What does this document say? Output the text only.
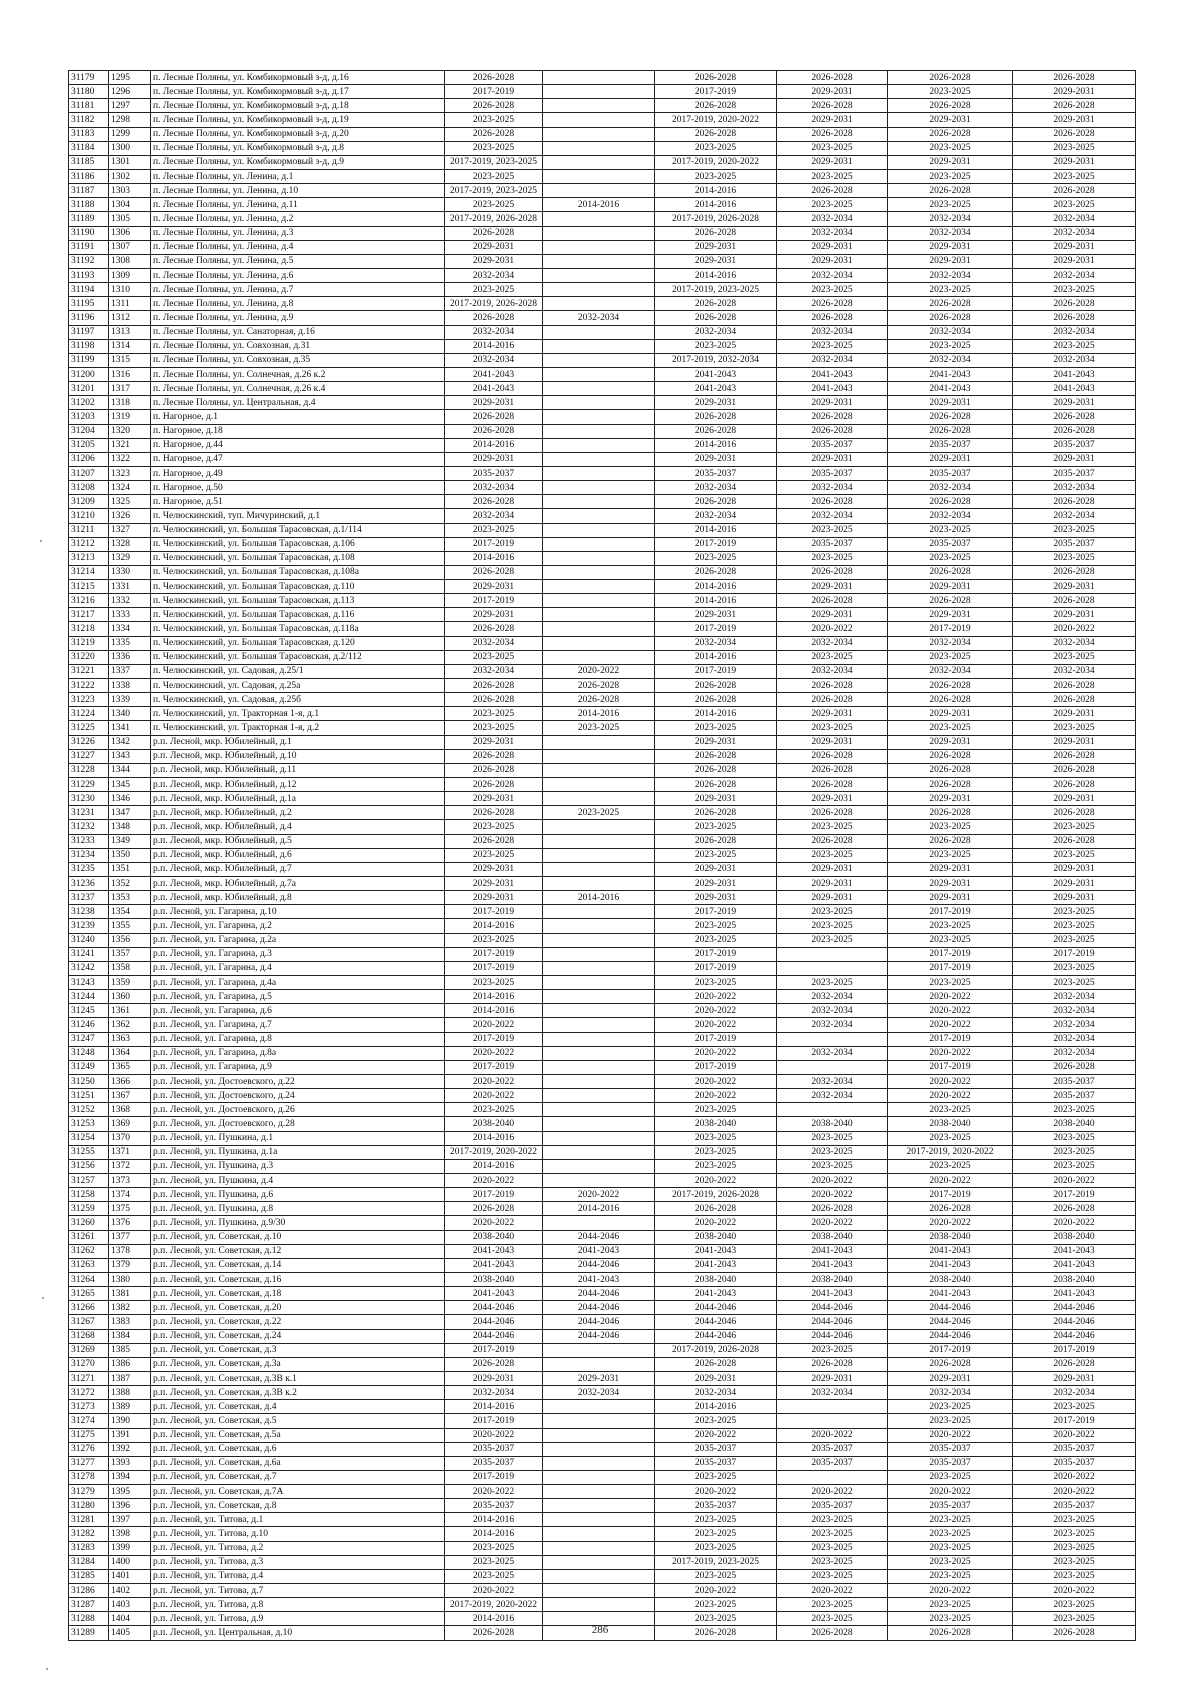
31179	1295	п. Лесные Поляны, ул. Комбикормовый з-д, д.16	2026-2028		2026-2028	2026-2028	2026-2028	2026-2028
31180	1296	п. Лесные Поляны, ул. Комбикормовый з-д, д.17	2017-2019		2017-2019	2029-2031	2023-2025	2029-2031
31181	1297	п. Лесные Поляны, ул. Комбикормовый з-д, д.18	2026-2028		2026-2028	2026-2028	2026-2028	2026-2028
31182	1298	п. Лесные Поляны, ул. Комбикормовый з-д, д.19	2023-2025		2017-2019, 2020-2022	2029-2031	2029-2031	2029-2031
31183	1299	п. Лесные Поляны, ул. Комбикормовый з-д, д.20	2026-2028		2026-2028	2026-2028	2026-2028	2026-2028
31184	1300	п. Лесные Поляны, ул. Комбикормовый з-д, д.8	2023-2025		2023-2025	2023-2025	2023-2025	2023-2025
31185	1301	п. Лесные Поляны, ул. Комбикормовый з-д, д.9	2017-2019, 2023-2025		2017-2019, 2020-2022	2029-2031	2029-2031	2029-2031
31186	1302	п. Лесные Поляны, ул. Ленина, д.1	2023-2025		2023-2025	2023-2025	2023-2025	2023-2025
31187	1303	п. Лесные Поляны, ул. Ленина, д.10	2017-2019, 2023-2025		2014-2016	2026-2028	2026-2028	2026-2028
31188	1304	п. Лесные Поляны, ул. Ленина, д.11	2023-2025	2014-2016	2014-2016	2023-2025	2023-2025	2023-2025
31189	1305	п. Лесные Поляны, ул. Ленина, д.2	2017-2019, 2026-2028		2017-2019, 2026-2028	2032-2034	2032-2034	2032-2034
31190	1306	п. Лесные Поляны, ул. Ленина, д.3	2026-2028		2026-2028	2032-2034	2032-2034	2032-2034
31191	1307	п. Лесные Поляны, ул. Ленина, д.4	2029-2031		2029-2031	2029-2031	2029-2031	2029-2031
31192	1308	п. Лесные Поляны, ул. Ленина, д.5	2029-2031		2029-2031	2029-2031	2029-2031	2029-2031
31193	1309	п. Лесные Поляны, ул. Ленина, д.6	2032-2034		2014-2016	2032-2034	2032-2034	2032-2034
31194	1310	п. Лесные Поляны, ул. Ленина, д.7	2023-2025		2017-2019, 2023-2025	2023-2025	2023-2025	2023-2025
31195	1311	п. Лесные Поляны, ул. Ленина, д.8	2017-2019, 2026-2028		2026-2028	2026-2028	2026-2028	2026-2028
31196	1312	п. Лесные Поляны, ул. Ленина, д.9	2026-2028	2032-2034	2026-2028	2026-2028	2026-2028	2026-2028
31197	1313	п. Лесные Поляны, ул. Санаторная, д.16	2032-2034		2032-2034	2032-2034	2032-2034	2032-2034
31198	1314	п. Лесные Поляны, ул. Совхозная, д.31	2014-2016		2023-2025	2023-2025	2023-2025	2023-2025
31199	1315	п. Лесные Поляны, ул. Совхозная, д.35	2032-2034		2017-2019, 2032-2034	2032-2034	2032-2034	2032-2034
31200	1316	п. Лесные Поляны, ул. Солнечная, д.26 к.2	2041-2043		2041-2043	2041-2043	2041-2043	2041-2043
31201	1317	п. Лесные Поляны, ул. Солнечная, д.26 к.4	2041-2043		2041-2043	2041-2043	2041-2043	2041-2043
31202	1318	п. Лесные Поляны, ул. Центральная, д.4	2029-2031		2029-2031	2029-2031	2029-2031	2029-2031
31203	1319	п. Нагорное, д.1	2026-2028		2026-2028	2026-2028	2026-2028	2026-2028
31204	1320	п. Нагорное, д.18	2026-2028		2026-2028	2026-2028	2026-2028	2026-2028
31205	1321	п. Нагорное, д.44	2014-2016		2014-2016	2035-2037	2035-2037	2035-2037
31206	1322	п. Нагорное, д.47	2029-2031		2029-2031	2029-2031	2029-2031	2029-2031
31207	1323	п. Нагорное, д.49	2035-2037		2035-2037	2035-2037	2035-2037	2035-2037
31208	1324	п. Нагорное, д.50	2032-2034		2032-2034	2032-2034	2032-2034	2032-2034
31209	1325	п. Нагорное, д.51	2026-2028		2026-2028	2026-2028	2026-2028	2026-2028
31210	1326	п. Челюскинский, туп. Мичуринский, д.1	2032-2034		2032-2034	2032-2034	2032-2034	2032-2034
31211	1327	п. Челюскинский, ул. Большая Тарасовская, д.1/114	2023-2025		2014-2016	2023-2025	2023-2025	2023-2025
31212	1328	п. Челюскинский, ул. Большая Тарасовская, д.106	2017-2019		2017-2019	2035-2037	2035-2037	2035-2037
31213	1329	п. Челюскинский, ул. Большая Тарасовская, д.108	2014-2016		2023-2025	2023-2025	2023-2025	2023-2025
31214	1330	п. Челюскинский, ул. Большая Тарасовская, д.108а	2026-2028		2026-2028	2026-2028	2026-2028	2026-2028
31215	1331	п. Челюскинский, ул. Большая Тарасовская, д.110	2029-2031		2014-2016	2029-2031	2029-2031	2029-2031
31216	1332	п. Челюскинский, ул. Большая Тарасовская, д.113	2017-2019		2014-2016	2026-2028	2026-2028	2026-2028
31217	1333	п. Челюскинский, ул. Большая Тарасовская, д.116	2029-2031		2029-2031	2029-2031	2029-2031	2029-2031
31218	1334	п. Челюскинский, ул. Большая Тарасовская, д.118а	2026-2028		2017-2019	2020-2022	2017-2019	2020-2022
31219	1335	п. Челюскинский, ул. Большая Тарасовская, д.120	2032-2034		2032-2034	2032-2034	2032-2034	2032-2034
31220	1336	п. Челюскинский, ул. Большая Тарасовская, д.2/112	2023-2025		2014-2016	2023-2025	2023-2025	2023-2025
31221	1337	п. Челюскинский, ул. Садовая, д.25/1	2032-2034	2020-2022	2017-2019	2032-2034	2032-2034	2032-2034
31222	1338	п. Челюскинский, ул. Садовая, д.25а	2026-2028	2026-2028	2026-2028	2026-2028	2026-2028	2026-2028
31223	1339	п. Челюскинский, ул. Садовая, д.25б	2026-2028	2026-2028	2026-2028	2026-2028	2026-2028	2026-2028
31224	1340	п. Челюскинский, ул. Тракторная 1-я, д.1	2023-2025	2014-2016	2014-2016	2029-2031	2029-2031	2029-2031
31225	1341	п. Челюскинский, ул. Тракторная 1-я, д.2	2023-2025	2023-2025	2023-2025	2023-2025	2023-2025	2023-2025
31226	1342	р.п. Лесной, мкр. Юбилейный, д.1	2029-2031		2029-2031	2029-2031	2029-2031	2029-2031
31227	1343	р.п. Лесной, мкр. Юбилейный, д.10	2026-2028		2026-2028	2026-2028	2026-2028	2026-2028
31228	1344	р.п. Лесной, мкр. Юбилейный, д.11	2026-2028		2026-2028	2026-2028	2026-2028	2026-2028
31229	1345	р.п. Лесной, мкр. Юбилейный, д.12	2026-2028		2026-2028	2026-2028	2026-2028	2026-2028
31230	1346	р.п. Лесной, мкр. Юбилейный, д.1а	2029-2031		2029-2031	2029-2031	2029-2031	2029-2031
31231	1347	р.п. Лесной, мкр. Юбилейный, д.2	2026-2028	2023-2025	2026-2028	2026-2028	2026-2028	2026-2028
31232	1348	р.п. Лесной, мкр. Юбилейный, д.4	2023-2025		2023-2025	2023-2025	2023-2025	2023-2025
31233	1349	р.п. Лесной, мкр. Юбилейный, д.5	2026-2028		2026-2028	2026-2028	2026-2028	2026-2028
31234	1350	р.п. Лесной, мкр. Юбилейный, д.6	2023-2025		2023-2025	2023-2025	2023-2025	2023-2025
31235	1351	р.п. Лесной, мкр. Юбилейный, д.7	2029-2031		2029-2031	2029-2031	2029-2031	2029-2031
31236	1352	р.п. Лесной, мкр. Юбилейный, д.7а	2029-2031		2029-2031	2029-2031	2029-2031	2029-2031
31237	1353	р.п. Лесной, мкр. Юбилейный, д.8	2029-2031	2014-2016	2029-2031	2029-2031	2029-2031	2029-2031
31238	1354	р.п. Лесной, ул. Гагарина, д.10	2017-2019		2017-2019	2023-2025	2017-2019	2023-2025
31239	1355	р.п. Лесной, ул. Гагарина, д.2	2014-2016		2023-2025	2023-2025	2023-2025	2023-2025
31240	1356	р.п. Лесной, ул. Гагарина, д.2а	2023-2025		2023-2025	2023-2025	2023-2025	2023-2025
31241	1357	р.п. Лесной, ул. Гагарина, д.3	2017-2019		2017-2019		2017-2019	2017-2019
31242	1358	р.п. Лесной, ул. Гагарина, д.4	2017-2019		2017-2019		2017-2019	2023-2025
31243	1359	р.п. Лесной, ул. Гагарина, д.4а	2023-2025		2023-2025	2023-2025	2023-2025	2023-2025
31244	1360	р.п. Лесной, ул. Гагарина, д.5	2014-2016		2020-2022	2032-2034	2020-2022	2032-2034
31245	1361	р.п. Лесной, ул. Гагарина, д.6	2014-2016		2020-2022	2032-2034	2020-2022	2032-2034
31246	1362	р.п. Лесной, ул. Гагарина, д.7	2020-2022		2020-2022	2032-2034	2020-2022	2032-2034
31247	1363	р.п. Лесной, ул. Гагарина, д.8	2017-2019		2017-2019		2017-2019	2032-2034
31248	1364	р.п. Лесной, ул. Гагарина, д.8а	2020-2022		2020-2022	2032-2034	2020-2022	2032-2034
31249	1365	р.п. Лесной, ул. Гагарина, д.9	2017-2019		2017-2019		2017-2019	2026-2028
31250	1366	р.п. Лесной, ул. Достоевского, д.22	2020-2022		2020-2022	2032-2034	2020-2022	2035-2037
31251	1367	р.п. Лесной, ул. Достоевского, д.24	2020-2022		2020-2022	2032-2034	2020-2022	2035-2037
31252	1368	р.п. Лесной, ул. Достоевского, д.26	2023-2025		2023-2025		2023-2025	2023-2025
31253	1369	р.п. Лесной, ул. Достоевского, д.28	2038-2040		2038-2040	2038-2040	2038-2040	2038-2040
31254	1370	р.п. Лесной, ул. Пушкина, д.1	2014-2016		2023-2025	2023-2025	2023-2025	2023-2025
31255	1371	р.п. Лесной, ул. Пушкина, д.1а	2017-2019, 2020-2022		2023-2025	2023-2025	2017-2019, 2020-2022	2023-2025
31256	1372	р.п. Лесной, ул. Пушкина, д.3	2014-2016		2023-2025	2023-2025	2023-2025	2023-2025
31257	1373	р.п. Лесной, ул. Пушкина, д.4	2020-2022		2020-2022	2020-2022	2020-2022	2020-2022
31258	1374	р.п. Лесной, ул. Пушкина, д.6	2017-2019	2020-2022	2017-2019, 2026-2028	2020-2022	2017-2019	2017-2019
31259	1375	р.п. Лесной, ул. Пушкина, д.8	2026-2028	2014-2016	2026-2028	2026-2028	2026-2028	2026-2028
31260	1376	р.п. Лесной, ул. Пушкина, д.9/30	2020-2022		2020-2022	2020-2022	2020-2022	2020-2022
31261	1377	р.п. Лесной, ул. Советская, д.10	2038-2040	2044-2046	2038-2040	2038-2040	2038-2040	2038-2040
31262	1378	р.п. Лесной, ул. Советская, д.12	2041-2043	2041-2043	2041-2043	2041-2043	2041-2043	2041-2043
31263	1379	р.п. Лесной, ул. Советская, д.14	2041-2043	2044-2046	2041-2043	2041-2043	2041-2043	2041-2043
31264	1380	р.п. Лесной, ул. Советская, д.16	2038-2040	2041-2043	2038-2040	2038-2040	2038-2040	2038-2040
31265	1381	р.п. Лесной, ул. Советская, д.18	2041-2043	2044-2046	2041-2043	2041-2043	2041-2043	2041-2043
31266	1382	р.п. Лесной, ул. Советская, д.20	2044-2046	2044-2046	2044-2046	2044-2046	2044-2046	2044-2046
31267	1383	р.п. Лесной, ул. Советская, д.22	2044-2046	2044-2046	2044-2046	2044-2046	2044-2046	2044-2046
31268	1384	р.п. Лесной, ул. Советская, д.24	2044-2046	2044-2046	2044-2046	2044-2046	2044-2046	2044-2046
31269	1385	р.п. Лесной, ул. Советская, д.3	2017-2019		2017-2019, 2026-2028	2023-2025	2017-2019	2017-2019
31270	1386	р.п. Лесной, ул. Советская, д.3а	2026-2028		2026-2028	2026-2028	2026-2028	2026-2028
31271	1387	р.п. Лесной, ул. Советская, д.3В к.1	2029-2031	2029-2031	2029-2031	2029-2031	2029-2031	2029-2031
31272	1388	р.п. Лесной, ул. Советская, д.3В к.2	2032-2034	2032-2034	2032-2034	2032-2034	2032-2034	2032-2034
31273	1389	р.п. Лесной, ул. Советская, д.4	2014-2016		2014-2016		2023-2025	2023-2025
31274	1390	р.п. Лесной, ул. Советская, д.5	2017-2019		2023-2025		2023-2025	2017-2019
31275	1391	р.п. Лесной, ул. Советская, д.5а	2020-2022		2020-2022	2020-2022	2020-2022	2020-2022
31276	1392	р.п. Лесной, ул. Советская, д.6	2035-2037		2035-2037	2035-2037	2035-2037	2035-2037
31277	1393	р.п. Лесной, ул. Советская, д.6а	2035-2037		2035-2037	2035-2037	2035-2037	2035-2037
31278	1394	р.п. Лесной, ул. Советская, д.7	2017-2019		2023-2025		2023-2025	2020-2022
31279	1395	р.п. Лесной, ул. Советская, д.7А	2020-2022		2020-2022	2020-2022	2020-2022	2020-2022
31280	1396	р.п. Лесной, ул. Советская, д.8	2035-2037		2035-2037	2035-2037	2035-2037	2035-2037
31281	1397	р.п. Лесной, ул. Титова, д.1	2014-2016		2023-2025	2023-2025	2023-2025	2023-2025
31282	1398	р.п. Лесной, ул. Титова, д.10	2014-2016		2023-2025	2023-2025	2023-2025	2023-2025
31283	1399	р.п. Лесной, ул. Титова, д.2	2023-2025		2023-2025	2023-2025	2023-2025	2023-2025
31284	1400	р.п. Лесной, ул. Титова, д.3	2023-2025		2017-2019, 2023-2025	2023-2025	2023-2025	2023-2025
31285	1401	р.п. Лесной, ул. Титова, д.4	2023-2025		2023-2025	2023-2025	2023-2025	2023-2025
31286	1402	р.п. Лесной, ул. Титова, д.7	2020-2022		2020-2022	2020-2022	2020-2022	2020-2022
31287	1403	р.п. Лесной, ул. Титова, д.8	2017-2019, 2020-2022		2023-2025	2023-2025	2023-2025	2023-2025
31288	1404	р.п. Лесной, ул. Титова, д.9	2014-2016		2023-2025	2023-2025	2023-2025	2023-2025
31289	1405	р.п. Лесной, ул. Центральная, д.10	2026-2028		2026-2028	2026-2028	2026-2028	2026-2028
286
